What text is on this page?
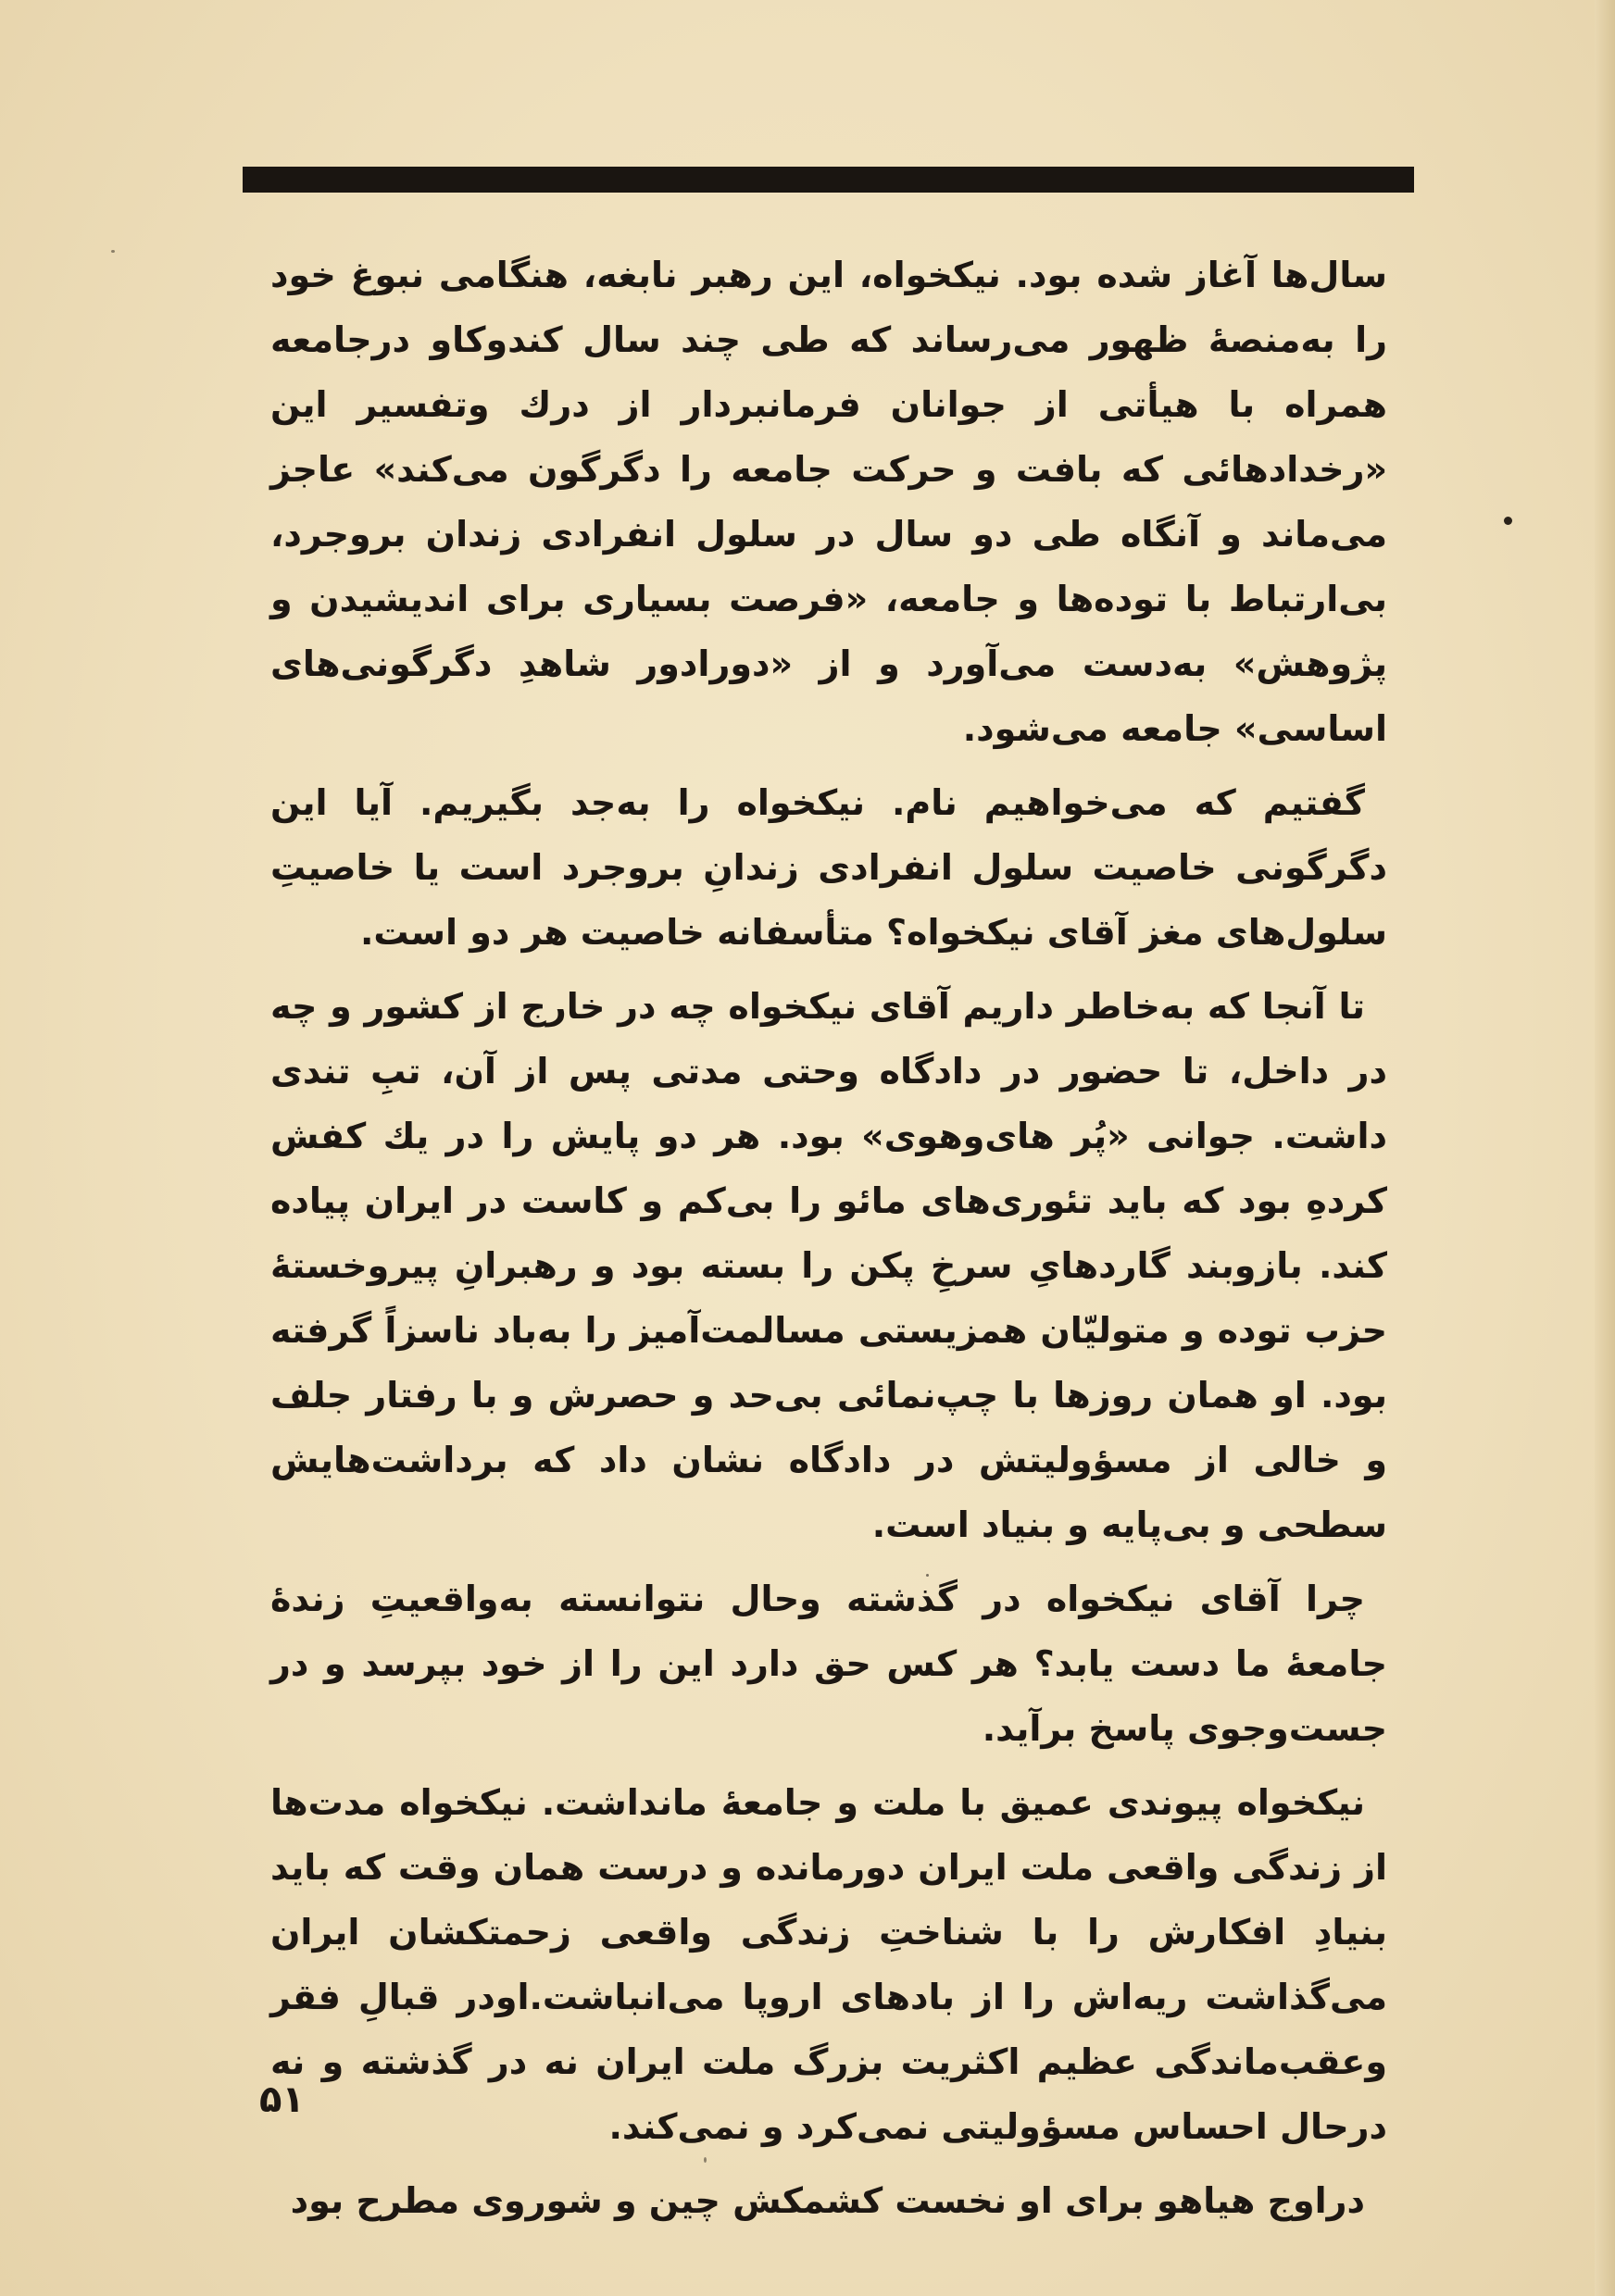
سال‌ها آغاز شده بود. نیکخواه، این رهبر نابغه، هنگامی نبوغ خود را به‌منصهٔ ظهور می‌رساند که طی چند سال کندوکاو درجامعه همراه با هیأتی از جوانان فرمانبردار از درك وتفسیر این «رخدادهائی که بافت و حرکت جامعه را دگرگون می‌کند» عاجز می‌ماند و آنگاه طی دو سال در سلول انفرادی زندان بروجرد، بی‌ارتباط با توده‌ها و جامعه، «فرصت بسیاری برای اندیشیدن و پژوهش» به‌دست می‌آورد و از «دورادور شاهدِ دگرگونی‌های اساسی» جامعه می‌شود.

گفتیم که می‌خواهیم نام. نیکخواه را به‌جد بگیریم. آیا این دگرگونی خاصیت سلول انفرادی زندانِ بروجرد است یا خاصیتِ سلول‌های مغز آقای نیکخواه؟ متأسفانه خاصیت هر دو است.

تا آنجا که به‌خاطر داریم آقای نیکخواه چه در خارج از کشور و چه در داخل، تا حضور در دادگاه وحتی مدتی پس از آن، تبِ تندی داشت. جوانی «پُر های‌وهوی» بود. هر دو پایش را در یك کفش کردهِ بود که باید تئوری‌های مائو را بی‌کم و کاست در ایران پیاده کند. بازوبند گاردهایِ سرخِ پکن را بسته بود و رهبرانِ پیروخستهٔ حزب توده و متولیّان همزیستی مسالمت‌آمیز را به‌باد ناسزاً گرفته بود. او همان روزها با چپ‌نمائی بی‌حد و حصرش و با رفتار جلف و خالی از مسؤولیتش در دادگاه نشان داد که برداشت‌هایش سطحی و بی‌پایه و بنیاد است.

چرا آقای نیکخواه در گذشته وحال نتوانسته به‌واقعیتِ زندهٔ جامعهٔ ما دست یابد؟ هر کس حق دارد این را از خود بپرسد و در جست‌وجوی پاسخ برآید.

نیکخواه پیوندی عمیق با ملت و جامعهٔ مانداشت. نیکخواه مدت‌ها از زندگی واقعی ملت ایران دورمانده و درست همان وقت که باید بنیادِ افکارش را با شناختِ زندگی واقعی زحمتکشان ایران می‌گذاشت ریه‌اش را از بادهای اروپا می‌انباشت.اودر قبالِ فقر وعقب‌ماندگی عظیم اکثریت بزرگ ملت ایران نه در گذشته و نه درحال احساس مسؤولیتی نمی‌کرد و نمی‌کند.

دراوج هیاهو برای او نخست کشمکش چین و شوروی مطرح بود

۵۱
